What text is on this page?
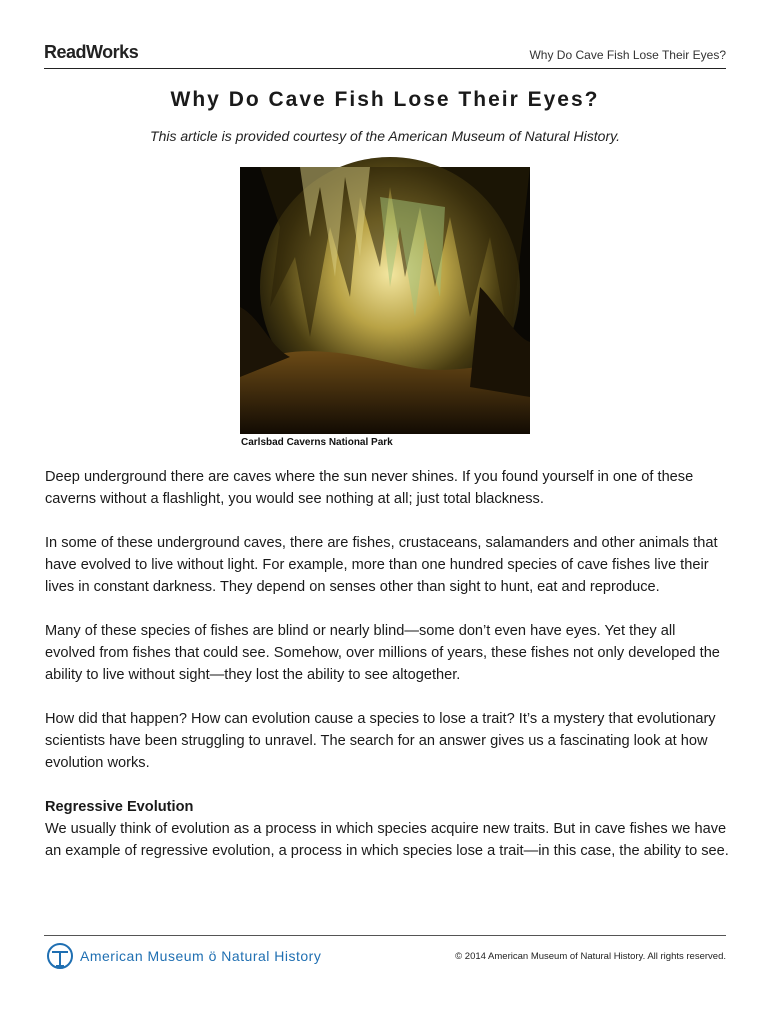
ReadWorks	Why Do Cave Fish Lose Their Eyes?
Why Do Cave Fish Lose Their Eyes?
This article is provided courtesy of the American Museum of Natural History.
©Wikimedia Commons/Daniel Mayer
Carlsbad Caverns National Park

Deep underground there are caves where the sun never shines. If you found yourself in one of these caverns without a flashlight, you would see nothing at all; just total blackness.

In some of these underground caves, there are fishes, crustaceans, salamanders and other animals that have evolved to live without light. For example, more than one hundred species of cave fishes live their lives in constant darkness. They depend on senses other than sight to hunt, eat and reproduce.

Many of these species of fishes are blind or nearly blind—some don’t even have eyes. Yet they all evolved from fishes that could see. Somehow, over millions of years, these fishes not only developed the ability to live without sight—they lost the ability to see altogether.

How did that happen? How can evolution cause a species to lose a trait? It’s a mystery that evolutionary scientists have been struggling to unravel. The search for an answer gives us a fascinating look at how evolution works.

Regressive Evolution

We usually think of evolution as a process in which species acquire new traits. But in cave fishes we have an example of regressive evolution, a process in which species lose a trait—in this case, the ability to see.

American Museum ö Natural History	© 2014 American Museum of Natural History. All rights reserved.
